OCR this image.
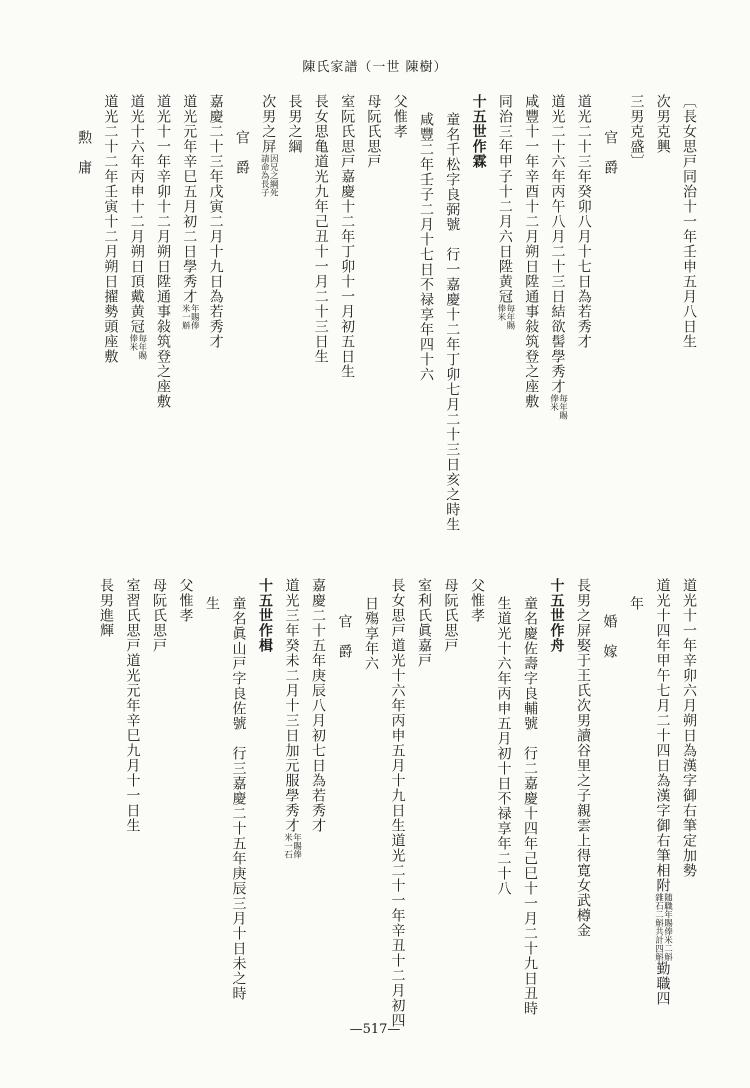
陳氏家譜（一世 陳樹）
〔長女思戸同治十一年壬申五月八日生
次男克興
三男克盛〕
官　爵
道光二十三年癸卯八月十七日為若秀才
道光二十六年丙午八月二十三日結欲髻學秀才
毎年賜
俸米
咸豐十一年辛酉十二月朔日陞通事敍筑登之座敷
同治三年甲子十二月六日陞黄冠
毎年賜
俸米
十五世作霖
童名千松字良弼號　行一嘉慶十二年丁卯七月二十三日亥之時生
咸豐二年壬子二月十七日不禄享年四十六
父惟孝
母阮氏思戸
室阮氏思戸嘉慶十二年丁卯十一月初五日生
長女思亀道光九年己丑十一月二十三日生
長男之綱
次男之屏
因兄之綱死
請命為長子
官　爵
嘉慶二十三年戊寅二月十九日為若秀才
道光元年辛巳五月初二日學秀才
年賜俸
米一斛
道光十一年辛卯十二月朔日陞通事敍筑登之座敷
道光十六年丙申十二月朔日頂戴黄冠
毎年賜
俸米
道光二十二年壬寅十二月朔日擢勢頭座敷
勲　庸
道光十一年辛卯六月朔日為漢字御右筆定加勢
道光十四年甲午七月二十四日為漢字御右筆相附
随職年賜俸米二斛
雜石二斛共計四斛
勤職四
年
婚　嫁
長男之屏娶于王氏次男讀谷里之子親雲上得寛女武樽金
十五世作舟
童名慶佐壽字良輔號　行二嘉慶十四年己巳十一月二十九日丑時
生道光十六年丙申五月初十日不禄享年二十八
父惟孝
母阮氏思戸
室利氏眞嘉戸
長女思戸道光十六年丙申五月十九日生道光二十一年辛丑十二月初四
日殤享年六
官　爵
嘉慶二十五年庚辰八月初七日為若秀才
道光三年癸未二月十三日加元服學秀才
年賜俸
米一石
十五世作楫
童名眞山戸字良佐號　行三嘉慶二十五年庚辰三月十日未之時
生
父惟孝
母阮氏思戸
室習氏思戸道光元年辛巳九月十一日生
長男進輝
—517—
